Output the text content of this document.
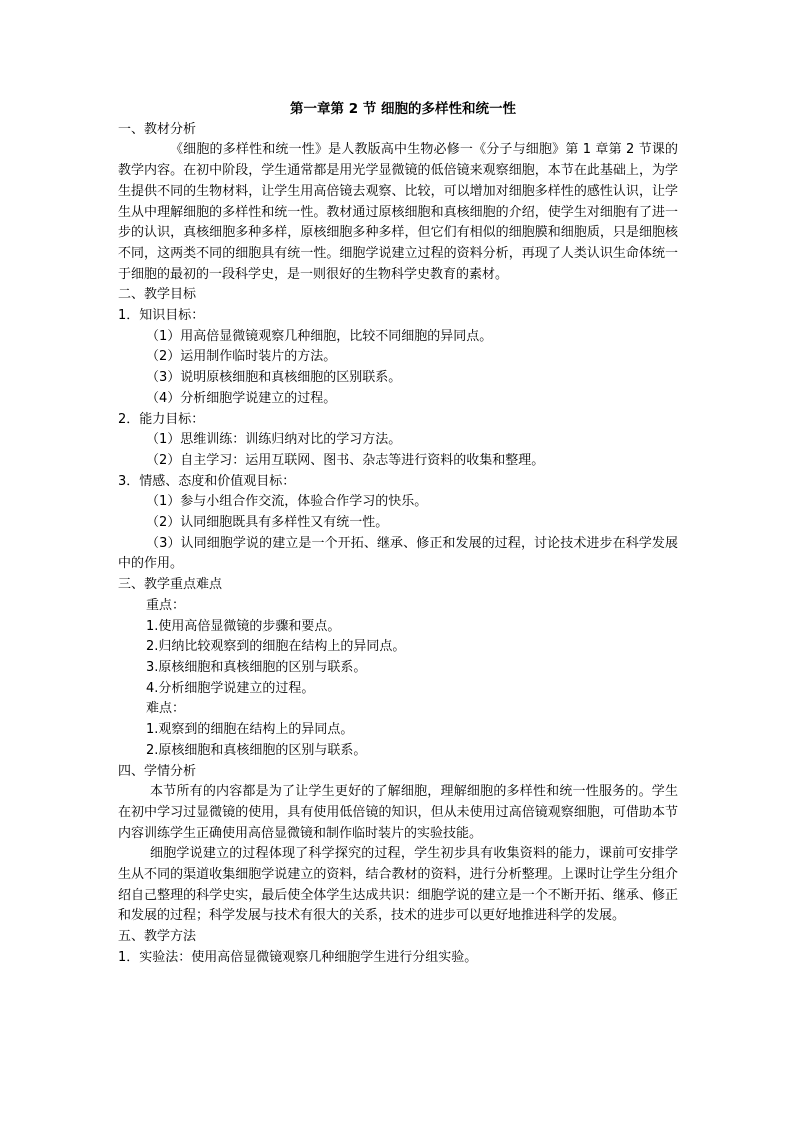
第一章第 2 节 细胞的多样性和统一性

一、教材分析

《细胞的多样性和统一性》是人教版高中生物必修一《分子与细胞》第 1 章第 2 节课的教学内容。在初中阶段，学生通常都是用光学显微镜的低倍镜来观察细胞，本节在此基础上，为学生提供不同的生物材料，让学生用高倍镜去观察、比较，可以增加对细胞多样性的感性认识，让学生从中理解细胞的多样性和统一性。教材通过原核细胞和真核细胞的介绍，使学生对细胞有了进一步的认识，真核细胞多种多样，原核细胞多种多样，但它们有相似的细胞膜和细胞质，只是细胞核不同，这两类不同的细胞具有统一性。细胞学说建立过程的资料分析，再现了人类认识生命体统一于细胞的最初的一段科学史，是一则很好的生物科学史教育的素材。

二、教学目标

1．知识目标：

（1）用高倍显微镜观察几种细胞，比较不同细胞的异同点。

（2）运用制作临时装片的方法。

（3）说明原核细胞和真核细胞的区别联系。

（4）分析细胞学说建立的过程。

2．能力目标：

（1）思维训练：训练归纳对比的学习方法。

（2）自主学习：运用互联网、图书、杂志等进行资料的收集和整理。

3．情感、态度和价值观目标：

（1）参与小组合作交流，体验合作学习的快乐。

（2）认同细胞既具有多样性又有统一性。

（3）认同细胞学说的建立是一个开拓、继承、修正和发展的过程，讨论技术进步在科学发展中的作用。

三、教学重点难点

重点：

1.使用高倍显微镜的步骤和要点。

2.归纳比较观察到的细胞在结构上的异同点。

3.原核细胞和真核细胞的区别与联系。

4.分析细胞学说建立的过程。

难点：

1.观察到的细胞在结构上的异同点。

2.原核细胞和真核细胞的区别与联系。

四、学情分析

本节所有的内容都是为了让学生更好的了解细胞，理解细胞的多样性和统一性服务的。学生在初中学习过显微镜的使用，具有使用低倍镜的知识，但从未使用过高倍镜观察细胞，可借助本节内容训练学生正确使用高倍显微镜和制作临时装片的实验技能。

细胞学说建立的过程体现了科学探究的过程，学生初步具有收集资料的能力，课前可安排学生从不同的渠道收集细胞学说建立的资料，结合教材的资料，进行分析整理。上课时让学生分组介绍自己整理的科学史实，最后使全体学生达成共识：细胞学说的建立是一个不断开拓、继承、修正和发展的过程；科学发展与技术有很大的关系，技术的进步可以更好地推进科学的发展。

五、教学方法

1．实验法：使用高倍显微镜观察几种细胞学生进行分组实验。
